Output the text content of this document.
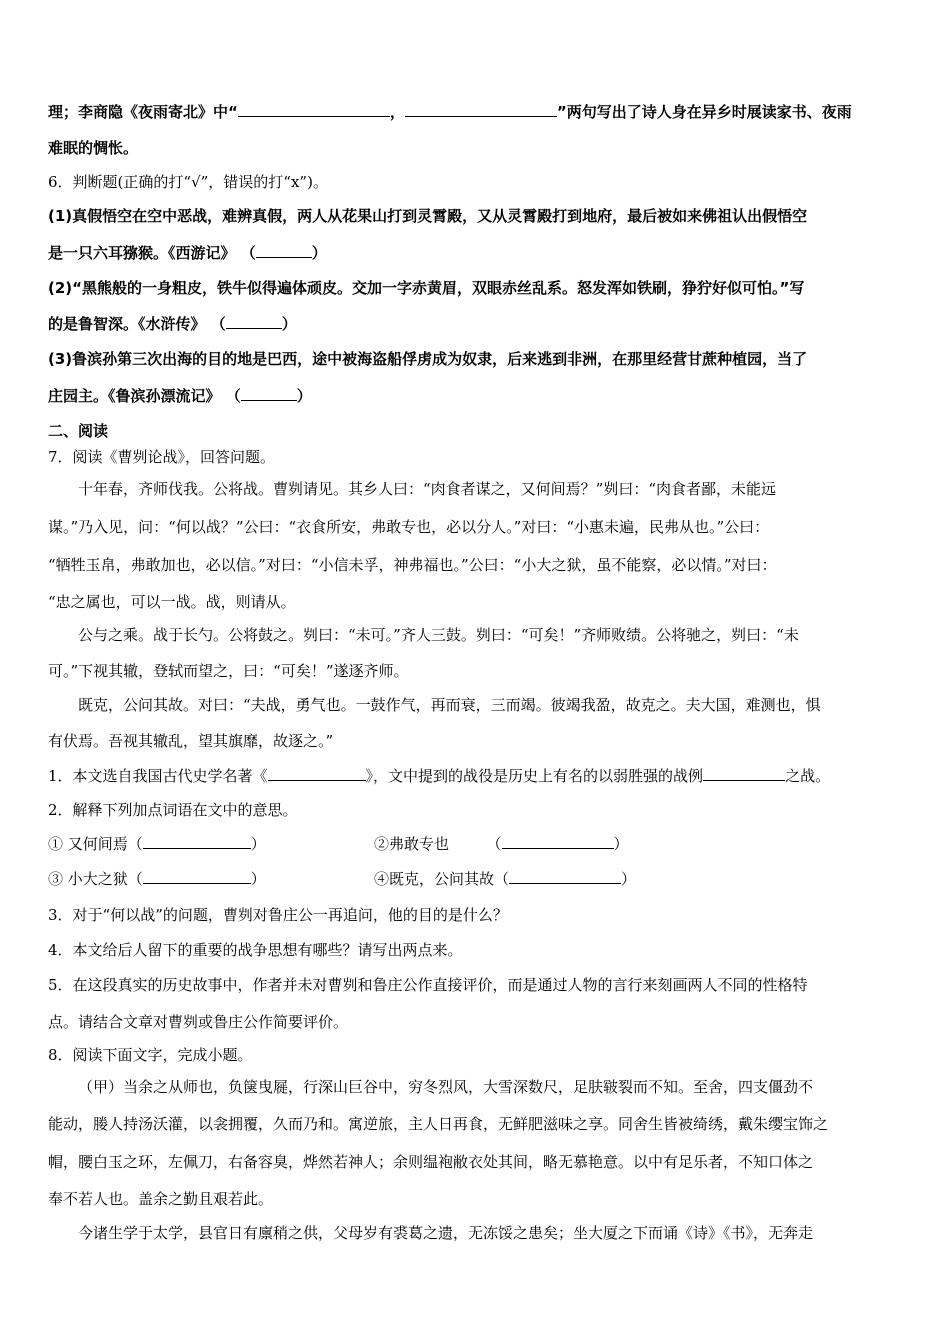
理；李商隐《夜雨寄北》中“	，	”两句写出了诗人身在异乡时展读家书、夜雨

难眠的惆怅。

6．判断题(正确的打“√”，错误的打“x”)。

(1)真假悟空在空中恶战，难辨真假，两人从花果山打到灵霄殿，又从灵霄殿打到地府，最后被如来佛祖认出假悟空

是一只六耳猕猴。《西游记》 （	）

(2)“黑熊般的一身粗皮，铁牛似得遍体顽皮。交加一字赤黄眉，双眼赤丝乱系。怒发浑如铁刷，狰狞好似可怕。”写

的是鲁智深。《水浒传》 （	）

(3)鲁滨孙第三次出海的目的地是巴西，途中被海盗船俘虏成为奴隶，后来逃到非洲，在那里经营甘蔗种植园，当了

庄园主。《鲁滨孙漂流记》 （	）

二、阅读

7．阅读《曹刿论战》，回答问题。

十年春，齐师伐我。公将战。曹刿请见。其乡人曰：“肉食者谋之，又何间焉？”刿曰：“肉食者鄙，未能远

谋。”乃入见，问：“何以战？”公曰：“衣食所安，弗敢专也，必以分人。”对曰：“小惠未遍，民弗从也。”公曰：

“牺牲玉帛，弗敢加也，必以信。”对曰：“小信未孚，神弗福也。”公曰：“小大之狱，虽不能察，必以情。”对曰：

“忠之属也，可以一战。战，则请从。

公与之乘。战于长勺。公将鼓之。刿曰：“未可。”齐人三鼓。刿曰：“可矣！”齐师败绩。公将驰之，刿曰：“未

可。”下视其辙，登轼而望之，曰：“可矣！”遂逐齐师。

既克，公问其故。对曰：“夫战，勇气也。一鼓作气，再而衰，三而竭。彼竭我盈，故克之。夫大国，难测也，惧

有伏焉。吾视其辙乱，望其旗靡，故逐之。”

1．本文选自我国古代史学名著《	》，文中提到的战役是历史上有名的以弱胜强的战例	之战。

2．解释下列加点词语在文中的意思。

① 又何间焉（	）	②弗敢专也　　　（	）

③ 小大之狱（	）	④既克，公问其故（	）

3．对于“何以战”的问题，曹刿对鲁庄公一再追问，他的目的是什么？

4．本文给后人留下的重要的战争思想有哪些？请写出两点来。

5．在这段真实的历史故事中，作者并未对曹刿和鲁庄公作直接评价，而是通过人物的言行来刻画两人不同的性格特

点。请结合文章对曹刿或鲁庄公作简要评价。

8．阅读下面文字，完成小题。

（甲）当余之从师也，负箧曳屣，行深山巨谷中，穷冬烈风，大雪深数尺，足肤皲裂而不知。至舍，四支僵劲不

能动，媵人持汤沃灌，以衾拥覆，久而乃和。寓逆旅，主人日再食，无鲜肥滋味之享。同舍生皆被绮绣，戴朱缨宝饰之

帽，腰白玉之环，左佩刀，右备容臭，烨然若神人；余则缊袍敝衣处其间，略无慕艳意。以中有足乐者，不知口体之

奉不若人也。盖余之勤且艰若此。

今诸生学于太学，县官日有廪稍之供，父母岁有裘葛之遗，无冻馁之患矣；坐大厦之下而诵《诗》《书》，无奔走
